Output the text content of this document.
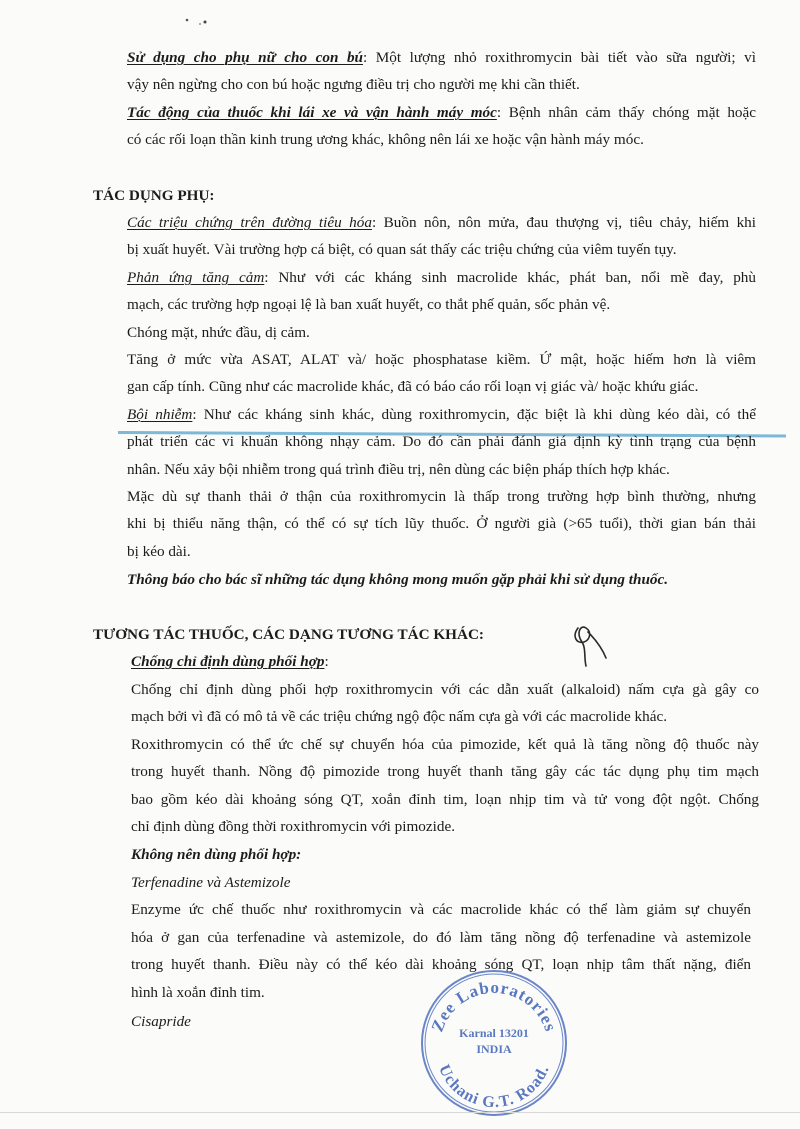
Sử dụng cho phụ nữ cho con bú: Một lượng nhỏ roxithromycin bài tiết vào sữa người; vì

vậy nên ngừng cho con bú hoặc ngưng điều trị cho người mẹ khi cần thiết.

Tác động của thuốc khi lái xe và vận hành máy móc: Bệnh nhân cảm thấy chóng mặt hoặc

có các rối loạn thần kinh trung ương khác, không nên lái xe hoặc vận hành máy móc.

TÁC DỤNG PHỤ:

Các triệu chứng trên đường tiêu hóa: Buồn nôn, nôn mửa, đau thượng vị, tiêu chảy, hiếm khi

bị xuất huyết. Vài trường hợp cá biệt, có quan sát thấy các triệu chứng của viêm tuyến tụy.

Phản ứng tăng cảm: Như với các kháng sinh macrolide khác, phát ban, nổi mề đay, phù

mạch, các trường hợp ngoại lệ là ban xuất huyết, co thắt phế quản, sốc phản vệ.

Chóng mặt, nhức đầu, dị cảm.

Tăng ở mức vừa ASAT, ALAT và/ hoặc phosphatase kiềm. Ứ mật, hoặc hiếm hơn là viêm

gan cấp tính. Cũng như các macrolide khác, đã có báo cáo rối loạn vị giác và/ hoặc khứu giác.

Bội nhiễm: Như các kháng sinh khác, dùng roxithromycin, đặc biệt là khi dùng kéo dài, có thể

phát triển các vi khuẩn không nhạy cảm. Do đó cần phải đánh giá định kỳ tình trạng của bệnh

nhân. Nếu xảy bội nhiễm trong quá trình điều trị, nên dùng các biện pháp thích hợp khác.

Mặc dù sự thanh thải ở thận của roxithromycin là thấp trong trường hợp bình thường, nhưng

khi bị thiểu năng thận, có thể có sự tích lũy thuốc. Ở người già (>65 tuổi), thời gian bán thải

bị kéo dài.

Thông báo cho bác sĩ những tác dụng không mong muốn gặp phải khi sử dụng thuốc.

TƯƠNG TÁC THUỐC, CÁC DẠNG TƯƠNG TÁC KHÁC:

Chống chỉ định dùng phối hợp:

Chống chỉ định dùng phối hợp roxithromycin với các dẫn xuất (alkaloid) nấm cựa gà gây co

mạch bởi vì đã có mô tả về các triệu chứng ngộ độc nấm cựa gà với các macrolide khác.

Roxithromycin có thể ức chế sự chuyển hóa của pimozide, kết quả là tăng nồng độ thuốc này

trong huyết thanh. Nồng độ pimozide trong huyết thanh tăng gây các tác dụng phụ tim mạch

bao gồm kéo dài khoảng sóng QT, xoắn đỉnh tim, loạn nhịp tim và tử vong đột ngột. Chống

chỉ định dùng đồng thời roxithromycin với pimozide.

Không nên dùng phối hợp:

Terfenadine và Astemizole

Enzyme ức chế thuốc như roxithromycin và các macrolide khác có thể làm giảm sự chuyển

hóa ở gan của terfenadine và astemizole, do đó làm tăng nồng độ terfenadine và astemizole

trong huyết thanh. Điều này có thể kéo dài khoảng sóng QT, loạn nhịp tâm thất nặng, điển

hình là xoắn đỉnh tim.

Cisapride	Zee Laboratories
Karnal 13201
INDIA
Uchani G.T. Road.
